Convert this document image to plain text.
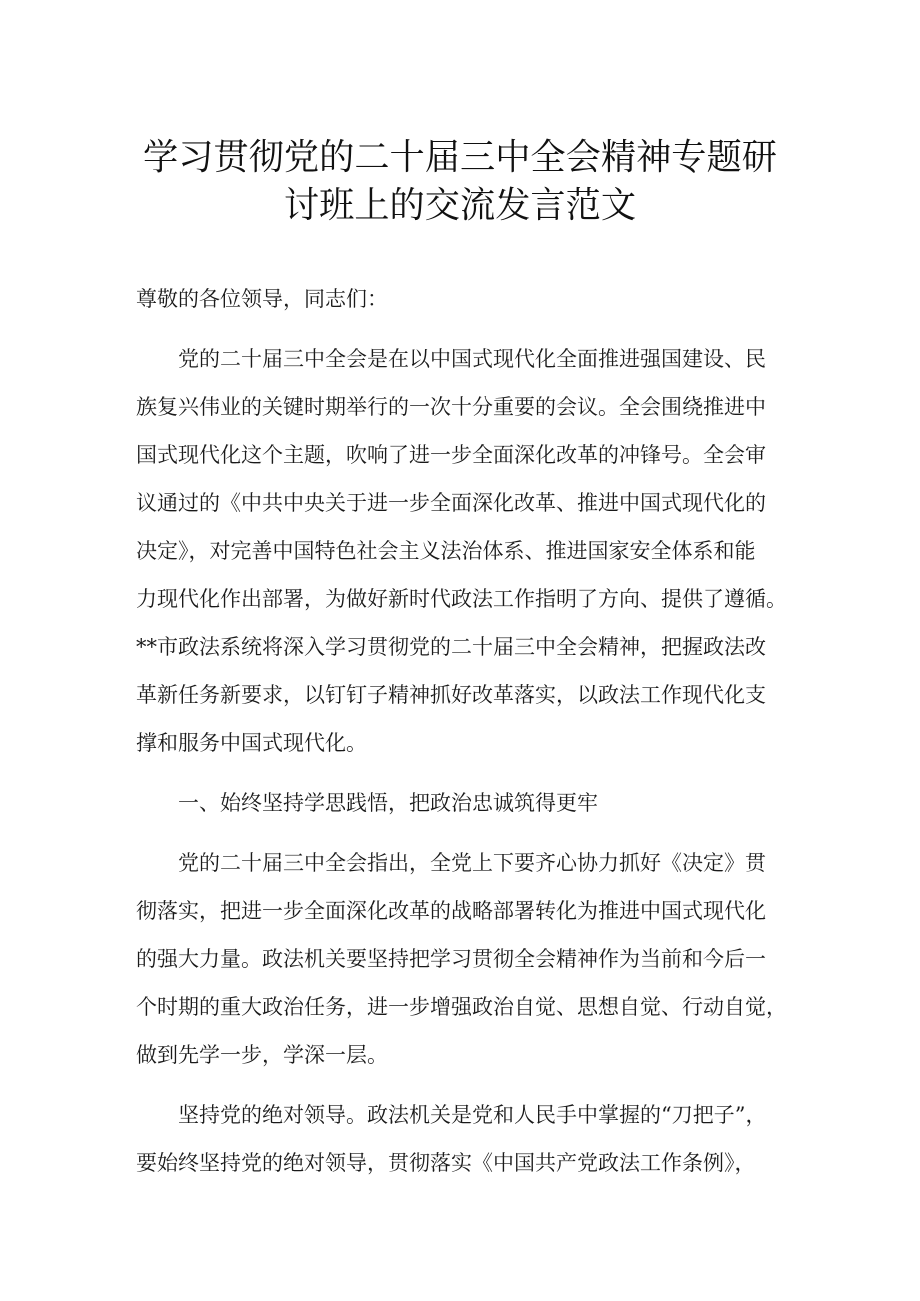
学习贯彻党的二十届三中全会精神专题研
讨班上的交流发言范文
尊敬的各位领导，同志们：
党的二十届三中全会是在以中国式现代化全面推进强国建设、民
族复兴伟业的关键时期举行的一次十分重要的会议。全会围绕推进中
国式现代化这个主题，吹响了进一步全面深化改革的冲锋号。全会审
议通过的《中共中央关于进一步全面深化改革、推进中国式现代化的
决定》，对完善中国特色社会主义法治体系、推进国家安全体系和能
力现代化作出部署，为做好新时代政法工作指明了方向、提供了遵循。
**市政法系统将深入学习贯彻党的二十届三中全会精神，把握政法改
革新任务新要求，以钉钉子精神抓好改革落实，以政法工作现代化支
撑和服务中国式现代化。
一、始终坚持学思践悟，把政治忠诚筑得更牢
党的二十届三中全会指出，全党上下要齐心协力抓好《决定》贯
彻落实，把进一步全面深化改革的战略部署转化为推进中国式现代化
的强大力量。政法机关要坚持把学习贯彻全会精神作为当前和今后一
个时期的重大政治任务，进一步增强政治自觉、思想自觉、行动自觉，
做到先学一步，学深一层。
坚持党的绝对领导。政法机关是党和人民手中掌握的“刀把子”，
要始终坚持党的绝对领导，贯彻落实《中国共产党政法工作条例》，
